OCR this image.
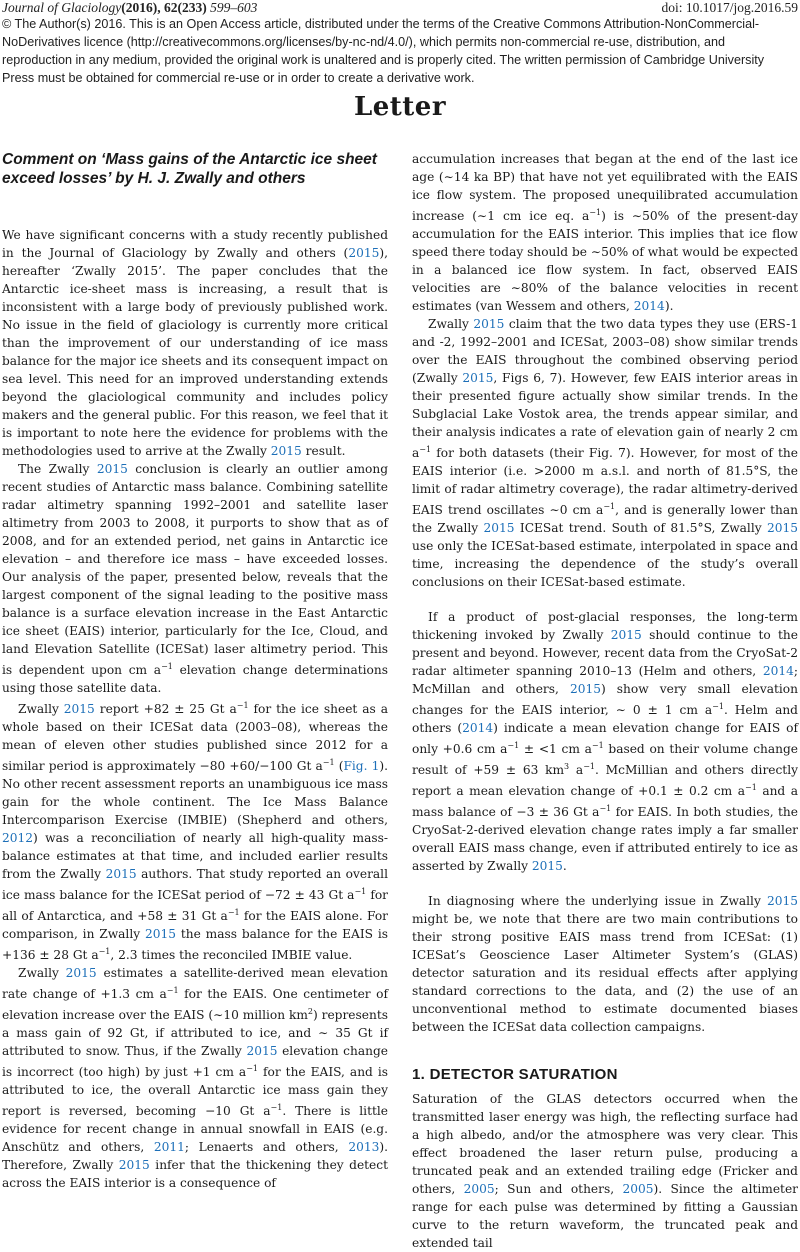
Journal of Glaciology(2016), 62(233) 599–603	doi: 10.1017/jog.2016.59
© The Author(s) 2016. This is an Open Access article, distributed under the terms of the Creative Commons Attribution-NonCommercial-NoDerivatives licence (http://creativecommons.org/licenses/by-nc-nd/4.0/), which permits non-commercial re-use, distribution, and reproduction in any medium, provided the original work is unaltered and is properly cited. The written permission of Cambridge University Press must be obtained for commercial re-use or in order to create a derivative work.
Letter
Comment on ‘Mass gains of the Antarctic ice sheet exceed losses’ by H. J. Zwally and others

We have significant concerns with a study recently published in the Journal of Glaciology by Zwally and others (2015), hereafter ‘Zwally 2015’. The paper concludes that the Antarctic ice-sheet mass is increasing, a result that is inconsistent with a large body of previously published work. No issue in the field of glaciology is currently more critical than the improvement of our understanding of ice mass balance for the major ice sheets and its consequent impact on sea level. This need for an improved understanding extends beyond the glaciological community and includes policy makers and the general public. For this reason, we feel that it is important to note here the evidence for problems with the methodologies used to arrive at the Zwally 2015 result.

The Zwally 2015 conclusion is clearly an outlier among recent studies of Antarctic mass balance. Combining satellite radar altimetry spanning 1992–2001 and satellite laser altimetry from 2003 to 2008, it purports to show that as of 2008, and for an extended period, net gains in Antarctic ice elevation – and therefore ice mass – have exceeded losses. Our analysis of the paper, presented below, reveals that the largest component of the signal leading to the positive mass balance is a surface elevation increase in the East Antarctic ice sheet (EAIS) interior, particularly for the Ice, Cloud, and land Elevation Satellite (ICESat) laser altimetry period. This is dependent upon cm $a^{-1}$ elevation change determinations using those satellite data.

Zwally 2015 report +82 ± 25 Gt $a^{-1}$ for the ice sheet as a whole based on their ICESat data (2003–08), whereas the mean of eleven other studies published since 2012 for a similar period is approximately −80 +60/−100 Gt $a^{-1}$ (Fig. 1). No other recent assessment reports an unambiguous ice mass gain for the whole continent. The Ice Mass Balance Intercomparison Exercise (IMBIE) (Shepherd and others, 2012) was a reconciliation of nearly all high-quality mass-balance estimates at that time, and included earlier results from the Zwally 2015 authors. That study reported an overall ice mass balance for the ICESat period of −72 ± 43 Gt $a^{-1}$ for all of Antarctica, and +58 ± 31 Gt $a^{-1}$ for the EAIS alone. For comparison, in Zwally 2015 the mass balance for the EAIS is +136 ± 28 Gt $a^{-1}$, 2.3 times the reconciled IMBIE value.

Zwally 2015 estimates a satellite-derived mean elevation rate change of +1.3 cm $a^{-1}$ for the EAIS. One centimeter of elevation increase over the EAIS (∼10 million $km^2$) represents a mass gain of 92 Gt, if attributed to ice, and ∼ 35 Gt if attributed to snow. Thus, if the Zwally 2015 elevation change is incorrect (too high) by just +1 cm $a^{-1}$ for the EAIS, and is attributed to ice, the overall Antarctic ice mass gain they report is reversed, becoming −10 Gt $a^{-1}$. There is little evidence for recent change in annual snowfall in EAIS (e.g. Anschütz and others, 2011; Lenaerts and others, 2013). Therefore, Zwally 2015 infer that the thickening they detect across the EAIS interior is a consequence of

accumulation increases that began at the end of the last ice age (∼14 ka BP) that have not yet equilibrated with the EAIS ice flow system. The proposed unequilibrated accumulation increase (∼1 cm ice eq. $a^{-1}$) is ∼50% of the present-day accumulation for the EAIS interior. This implies that ice flow speed there today should be ∼50% of what would be expected in a balanced ice flow system. In fact, observed EAIS velocities are ∼80% of the balance velocities in recent estimates (van Wessem and others, 2014).

Zwally 2015 claim that the two data types they use (ERS-1 and -2, 1992–2001 and ICESat, 2003–08) show similar trends over the EAIS throughout the combined observing period (Zwally 2015, Figs 6, 7). However, few EAIS interior areas in their presented figure actually show similar trends. In the Subglacial Lake Vostok area, the trends appear similar, and their analysis indicates a rate of elevation gain of nearly 2 cm $a^{-1}$ for both datasets (their Fig. 7). However, for most of the EAIS interior (i.e. >2000 m a.s.l. and north of 81.5°S, the limit of radar altimetry coverage), the radar altimetry-derived EAIS trend oscillates ∼0 cm $a^{-1}$, and is generally lower than the Zwally 2015 ICESat trend. South of 81.5°S, Zwally 2015 use only the ICESat-based estimate, interpolated in space and time, increasing the dependence of the study’s overall conclusions on their ICESat-based estimate.

If a product of post-glacial responses, the long-term thickening invoked by Zwally 2015 should continue to the present and beyond. However, recent data from the CryoSat-2 radar altimeter spanning 2010–13 (Helm and others, 2014; McMillan and others, 2015) show very small elevation changes for the EAIS interior, ∼ 0 ± 1 cm $a^{-1}$. Helm and others (2014) indicate a mean elevation change for EAIS of only +0.6 cm $a^{-1} \pm <1$ cm $a^{-1}$ based on their volume change result of +59 ± 63 $km^3$ $a^{-1}$. McMillian and others directly report a mean elevation change of +0.1 ± 0.2 cm $a^{-1}$ and a mass balance of −3 ± 36 Gt $a^{-1}$ for EAIS. In both studies, the CryoSat-2-derived elevation change rates imply a far smaller overall EAIS mass change, even if attributed entirely to ice as asserted by Zwally 2015.

In diagnosing where the underlying issue in Zwally 2015 might be, we note that there are two main contributions to their strong positive EAIS mass trend from ICESat: (1) ICESat’s Geoscience Laser Altimeter System’s (GLAS) detector saturation and its residual effects after applying standard corrections to the data, and (2) the use of an unconventional method to estimate documented biases between the ICESat data collection campaigns.

1. DETECTOR SATURATION

Saturation of the GLAS detectors occurred when the transmitted laser energy was high, the reflecting surface had a high albedo, and/or the atmosphere was very clear. This effect broadened the laser return pulse, producing a truncated peak and an extended trailing edge (Fricker and others, 2005; Sun and others, 2005). Since the altimeter range for each pulse was determined by fitting a Gaussian curve to the return waveform, the truncated peak and extended tail
